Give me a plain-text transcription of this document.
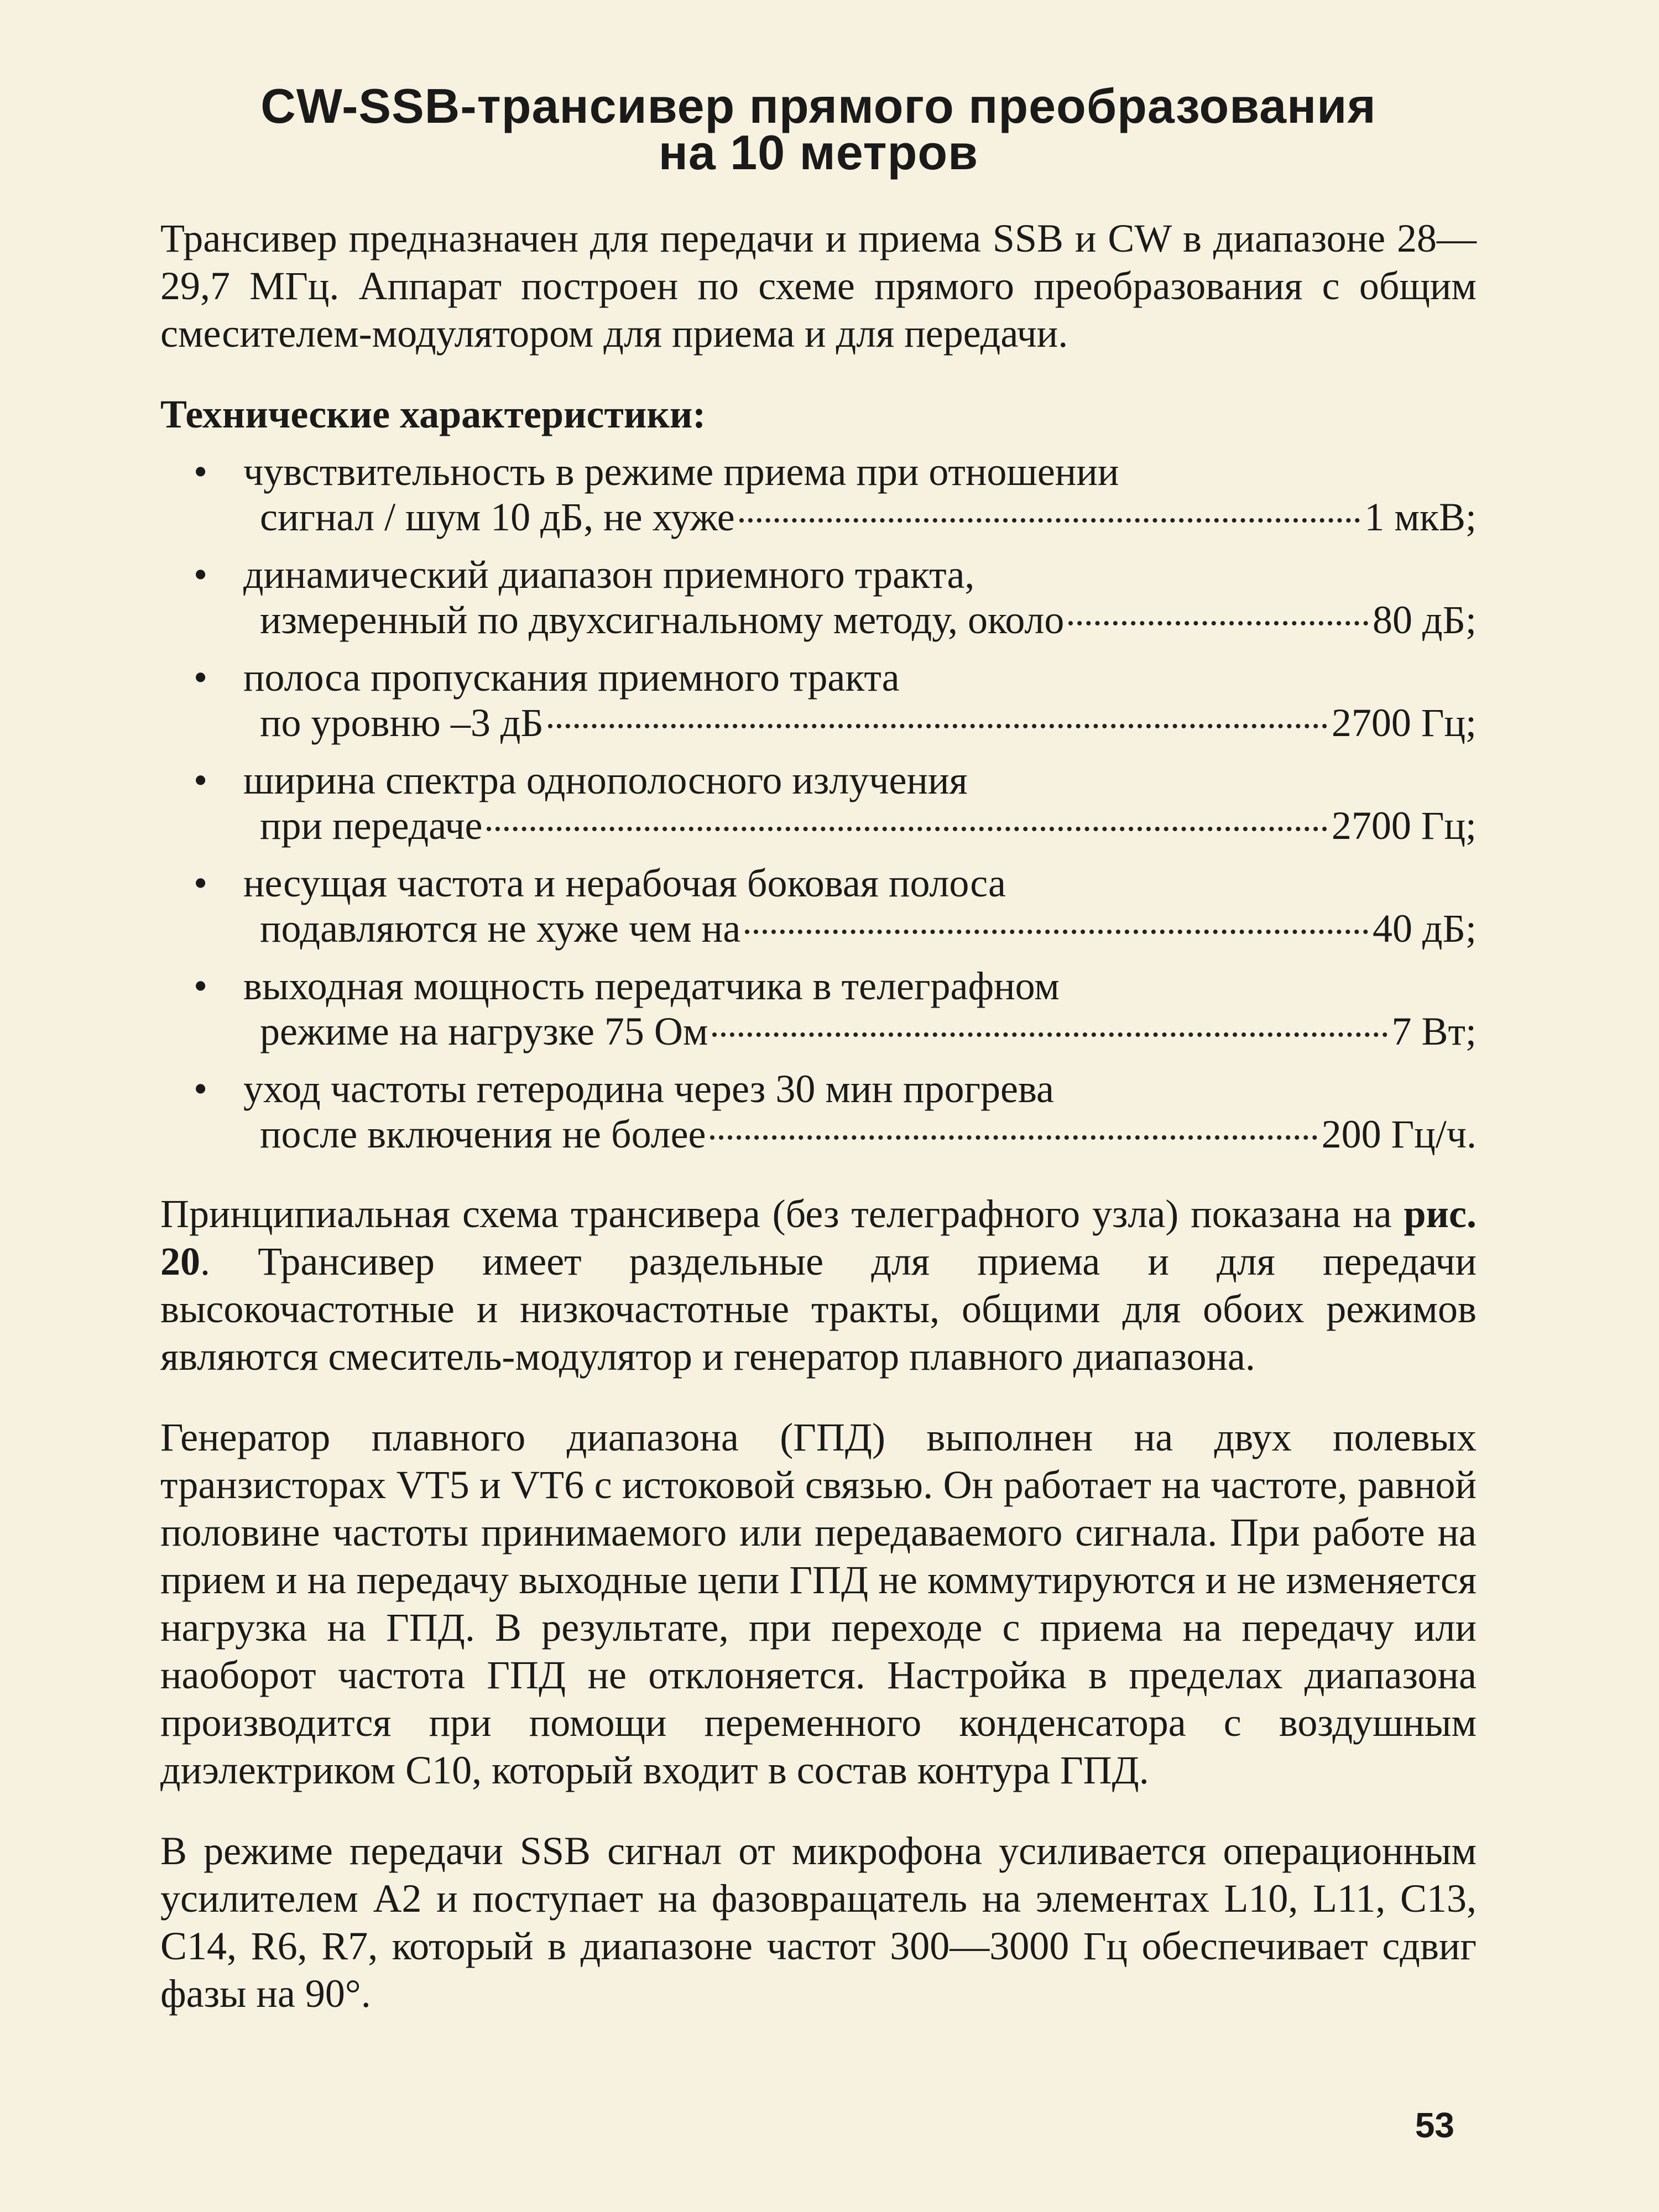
CW-SSB-трансивер прямого преобразования
на 10 метров

Трансивер предназначен для передачи и приема SSB и CW в диапазоне 28—29,7 МГц. Аппарат построен по схеме прямого преобразования с общим смесителем-модулятором для приема и для передачи.

Технические характеристики:
• чувствительность в режиме приема при отношении
сигнал / шум 10 дБ, не хуже	1 мкВ;
• динамический диапазон приемного тракта,
измеренный по двухсигнальному методу, около	80 дБ;
• полоса пропускания приемного тракта
по уровню –3 дБ	2700 Гц;
• ширина спектра однополосного излучения
при передаче	2700 Гц;
• несущая частота и нерабочая боковая полоса
подавляются не хуже чем на	40 дБ;
• выходная мощность передатчика в телеграфном
режиме на нагрузке 75 Ом	7 Вт;
• уход частоты гетеродина через 30 мин прогрева
после включения не более	200 Гц/ч.

Принципиальная схема трансивера (без телеграфного узла) показана на рис. 20. Трансивер имеет раздельные для приема и для передачи высокочастотные и низкочастотные тракты, общими для обоих режимов являются смеситель-модулятор и генератор плавного диапазона.

Генератор плавного диапазона (ГПД) выполнен на двух полевых транзисторах VT5 и VT6 с истоковой связью. Он работает на частоте, равной половине частоты принимаемого или передаваемого сигнала. При работе на прием и на передачу выходные цепи ГПД не коммутируются и не изменяется нагрузка на ГПД. В результате, при переходе с приема на передачу или наоборот частота ГПД не отклоняется. Настройка в пределах диапазона производится при помощи переменного конденсатора с воздушным диэлектриком C10, который входит в состав контура ГПД.

В режиме передачи SSB сигнал от микрофона усиливается операционным усилителем A2 и поступает на фазовращатель на элементах L10, L11, C13, C14, R6, R7, который в диапазоне частот 300—3000 Гц обеспечивает сдвиг фазы на 90°.

53
